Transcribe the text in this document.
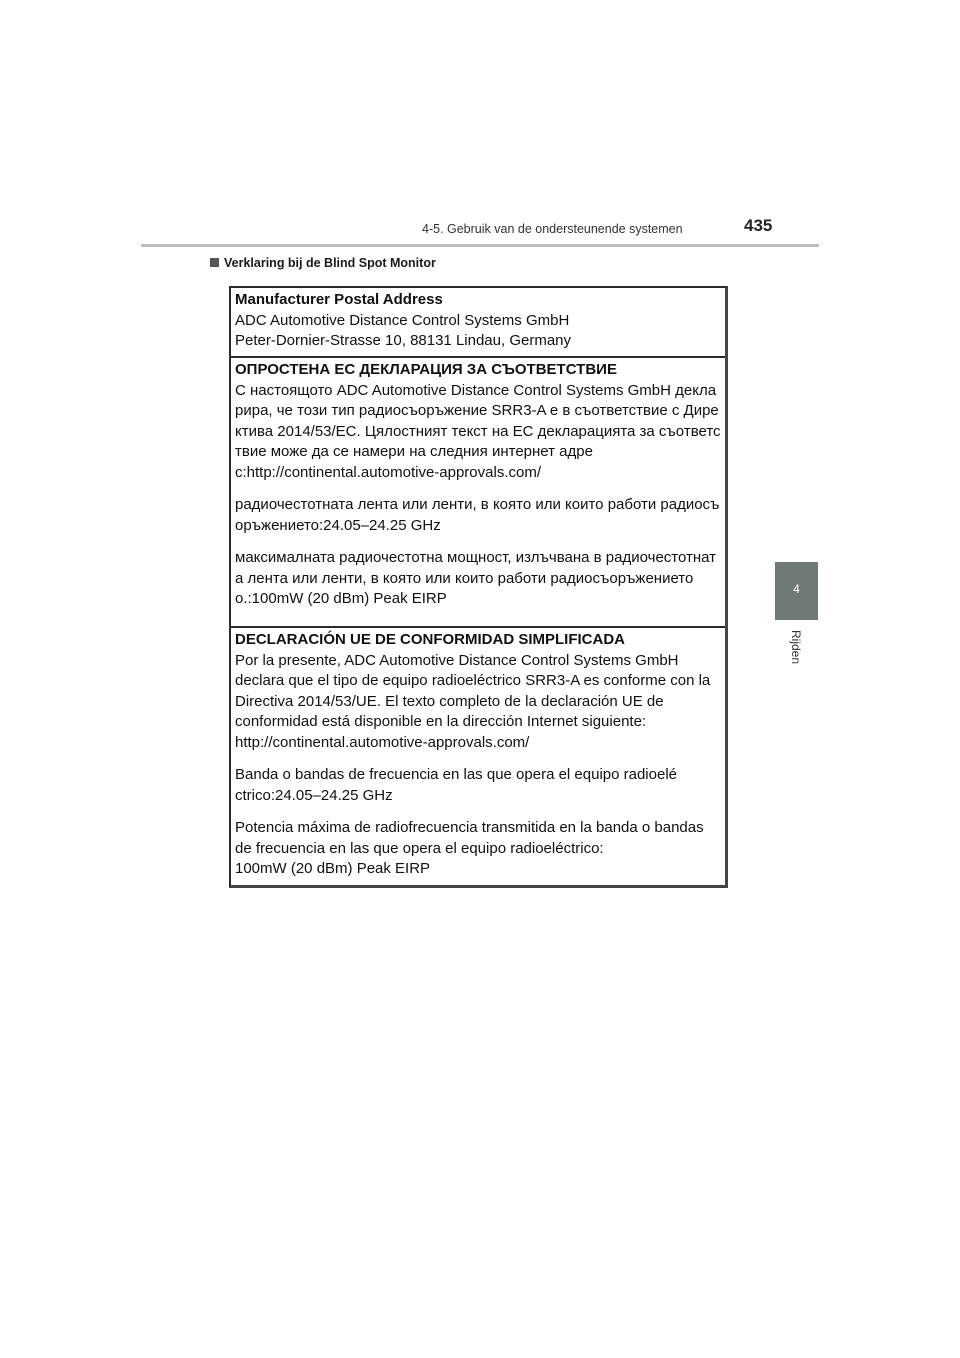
4-5. Gebruik van de ondersteunende systemen	435
4
Rijden
Verklaring bij de Blind Spot Monitor
Manufacturer Postal Address
ADC Automotive Distance Control Systems GmbH
Peter-Dornier-Strasse 10, 88131 Lindau, Germany
ОПРОСТЕНА ЕС ДЕКЛАРАЦИЯ ЗА СЪОТВЕТСТВИЕ
С настоящото ADC Automotive Distance Control Systems GmbH декла
рира, че този тип радиосъоръжение SRR3-A е в съответствие с Дире
ктива 2014/53/ЕС. Цялостният текст на ЕС декларацията за съответс
твие може да се намери на следния интернет адре
с:http://continental.automotive-approvals.com/
радиочестотната лента или ленти, в която или които работи радиосъ
оръжението:24.05–24.25 GHz
максималната радиочестотна мощност, излъчвана в радиочестотнат
а лента или ленти, в която или които работи радиосъоръжението
о.:100mW (20 dBm) Peak EIRP
DECLARACIÓN UE DE CONFORMIDAD SIMPLIFICADA
Por la presente, ADC Automotive Distance Control Systems GmbH
declara que el tipo de equipo radioeléctrico SRR3-A es conforme con la
Directiva 2014/53/UE. El texto completo de la declaración UE de
conformidad está disponible en la dirección Internet siguiente:
http://continental.automotive-approvals.com/
Banda o bandas de frecuencia en las que opera el equipo radioelé
ctrico:24.05–24.25 GHz
Potencia máxima de radiofrecuencia transmitida en la banda o bandas
de frecuencia en las que opera el equipo radioeléctrico:
100mW (20 dBm) Peak EIRP
